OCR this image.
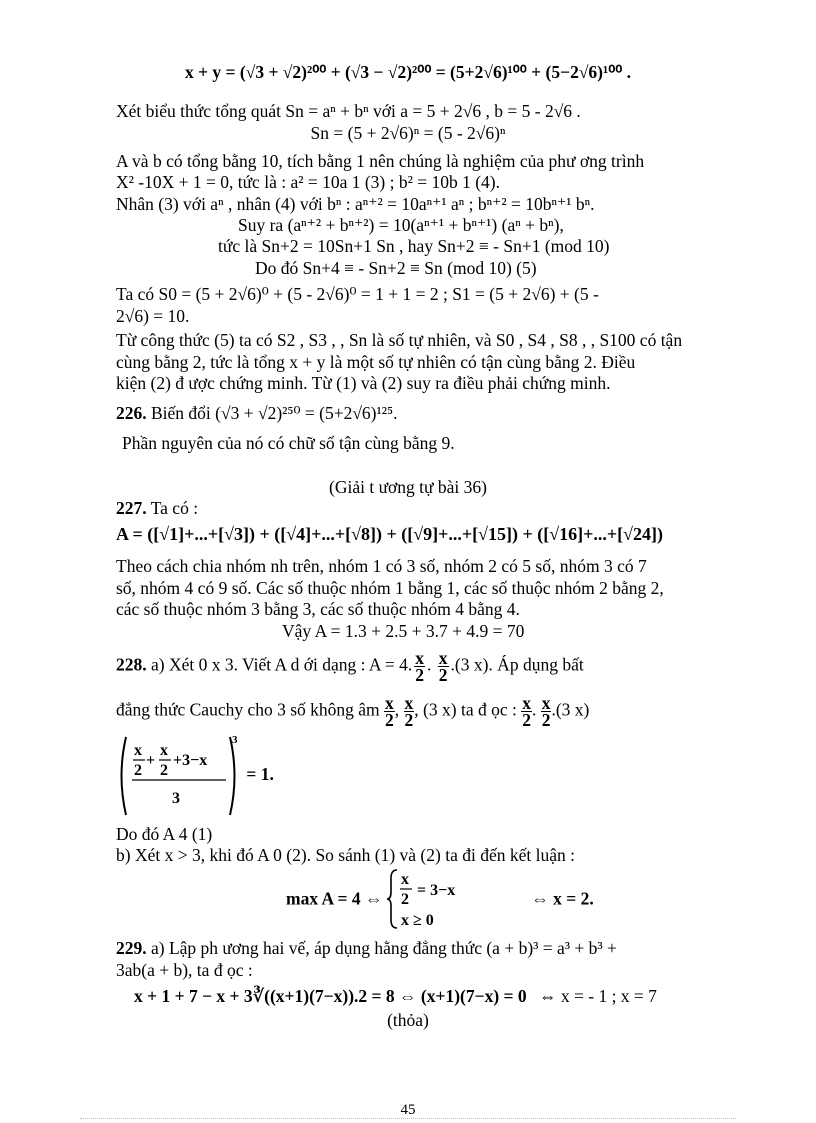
x + y = (√3 + √2)²⁰⁰ + (√3 − √2)²⁰⁰ = (5+2√6)¹⁰⁰ + (5−2√6)¹⁰⁰ .
Xét biểu thức tổng quát Sn = aⁿ + bⁿ với a = 5 + 2√6 , b = 5 - 2√6 .
Sn = (5 + 2√6)ⁿ = (5 - 2√6)ⁿ
A và b có tổng bằng 10, tích bằng 1 nên chúng là nghiệm của phư ơng trình
X² -10X + 1 = 0, tức là : a² = 10a 1 (3) ; b² = 10b 1 (4).
Nhân (3) với aⁿ , nhân (4) với bⁿ : aⁿ⁺² = 10aⁿ⁺¹ aⁿ ; bⁿ⁺² = 10bⁿ⁺¹ bⁿ.
Suy ra (aⁿ⁺² + bⁿ⁺²) = 10(aⁿ⁺¹ + bⁿ⁺¹) (aⁿ + bⁿ),
tức là Sn+2 = 10Sn+1 Sn , hay Sn+2 ≡ - Sn+1 (mod 10)
Do đó Sn+4 ≡ - Sn+2 ≡ Sn (mod 10) (5)
Ta có S0 = (5 + 2√6)⁰ + (5 - 2√6)⁰ = 1 + 1 = 2 ; S1 = (5 + 2√6) + (5 -
2√6) = 10.
Từ công thức (5) ta có S2 , S3 , , Sn là số tự nhiên, và S0 , S4 , S8 , , S100 có tận
cùng bằng 2, tức là tổng x + y là một số tự nhiên có tận cùng bằng 2. Điều
kiện (2) đ ược chứng minh. Từ (1) và (2) suy ra điều phải chứng minh.
226. Biến đổi (√3 + √2)²⁵⁰ = (5+2√6)¹²⁵.
Phần nguyên của nó có chữ số tận cùng bằng 9.
(Giải t ương tự bài 36)
227. Ta có :
A = ([√1]+...+[√3]) + ([√4]+...+[√8]) + ([√9]+...+[√15]) + ([√16]+...+[√24])
Theo cách chia nhóm nh trên, nhóm 1 có 3 số, nhóm 2 có 5 số, nhóm 3 có 7
số, nhóm 4 có 9 số. Các số thuộc nhóm 1 bằng 1, các số thuộc nhóm 2 bằng 2,
các số thuộc nhóm 3 bằng 3, các số thuộc nhóm 4 bằng 4.
Vậy A = 1.3 + 2.5 + 3.7 + 4.9 = 70
228. a) Xét 0 x 3. Viết A d ới dạng : A = 4. $\frac{x}{2}$ . $\frac{x}{2} .(3$ x). Áp dụng bất
đẳng thức Cauchy cho 3 số không âm $\frac{x}{2}$ , $\frac{x}{2}$ , (3 x) ta đ ọc : $\frac{x}{2}$ . $\frac{x}{2} .(3$ x)
x
2
+
x
2
+3−x
3
3
= 1.
Do đó A 4 (1)
b) Xét x > 3, khi đó A 0 (2). So sánh (1) và (2) ta đi đến kết luận :
max A = 4 ⇔
x
2
= 3−x
x ≥ 0
⇔ x = 2.
229. a) Lập ph ương hai vế, áp dụng hằng đẳng thức (a + b)³ = a³ + b³ +
3ab(a + b), ta đ ọc :
x + 1 + 7 − x + 3∛((x+1)(7−x)).2 = 8 ⇔ (x+1)(7−x) = 0 ⇔ x = - 1 ; x = 7
(thỏa)
45
